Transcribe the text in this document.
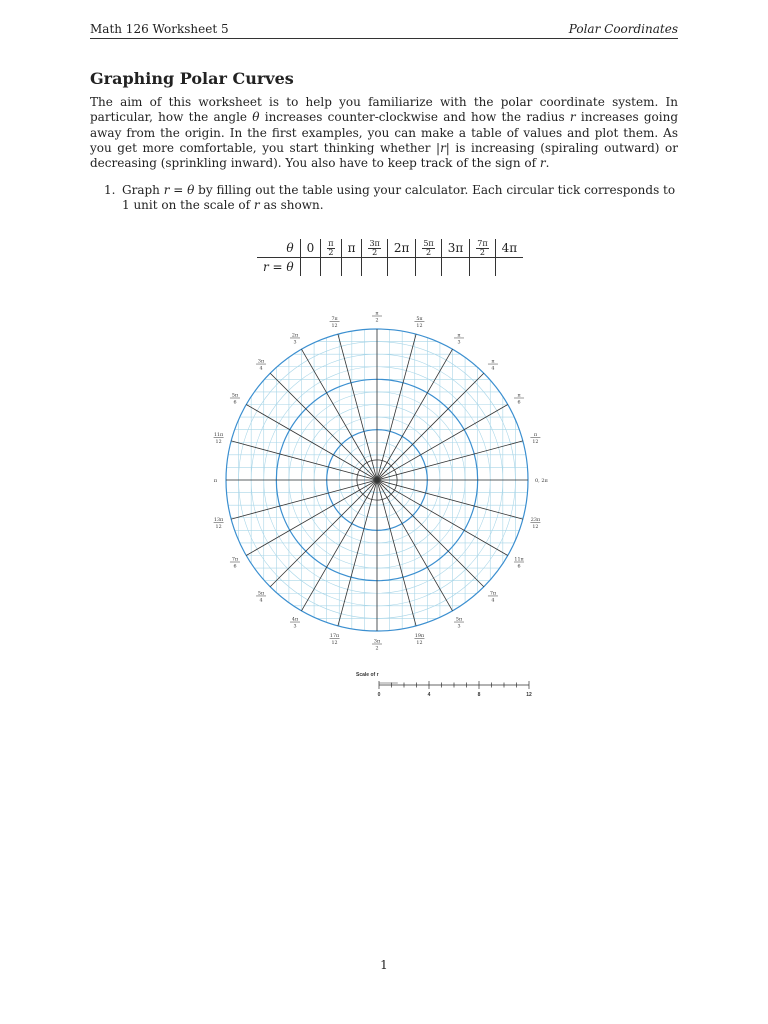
Math 126 Worksheet 5	Polar Coordinates
Graphing Polar Curves

The aim of this worksheet is to help you familiarize with the polar coordinate system. In particular, how the angle θ increases counter-clockwise and how the radius r increases going away from the origin. In the first examples, you can make a table of values and plot them. As you get more comfortable, you start thinking whether |r| is increasing (spiraling outward) or decreasing (sprinkling inward). You also have to keep track of the sign of r.

1. Graph r = θ by filling out the table using your calculator. Each circular tick corresponds to 1 unit on the scale of r as shown.
θ	0	$\frac{\pi}{2}$	π	$\frac{3\pi}{2}$	2π	$\frac{5\pi}{2}$	3π	$\frac{7\pi}{2}$	4π
r = θ									
0, 2π
π
12
π
6
π
4
π
3
5π
12
π
2
7π
12
2π
3
3π
4
5π
6
11π
12
π
13π
12
7π
6
5π
4
4π
3
17π
12	3π
2
19π
12
5π
3
7π
4
11π
6
23π
12
Scale of r
0	4	8	12
1
